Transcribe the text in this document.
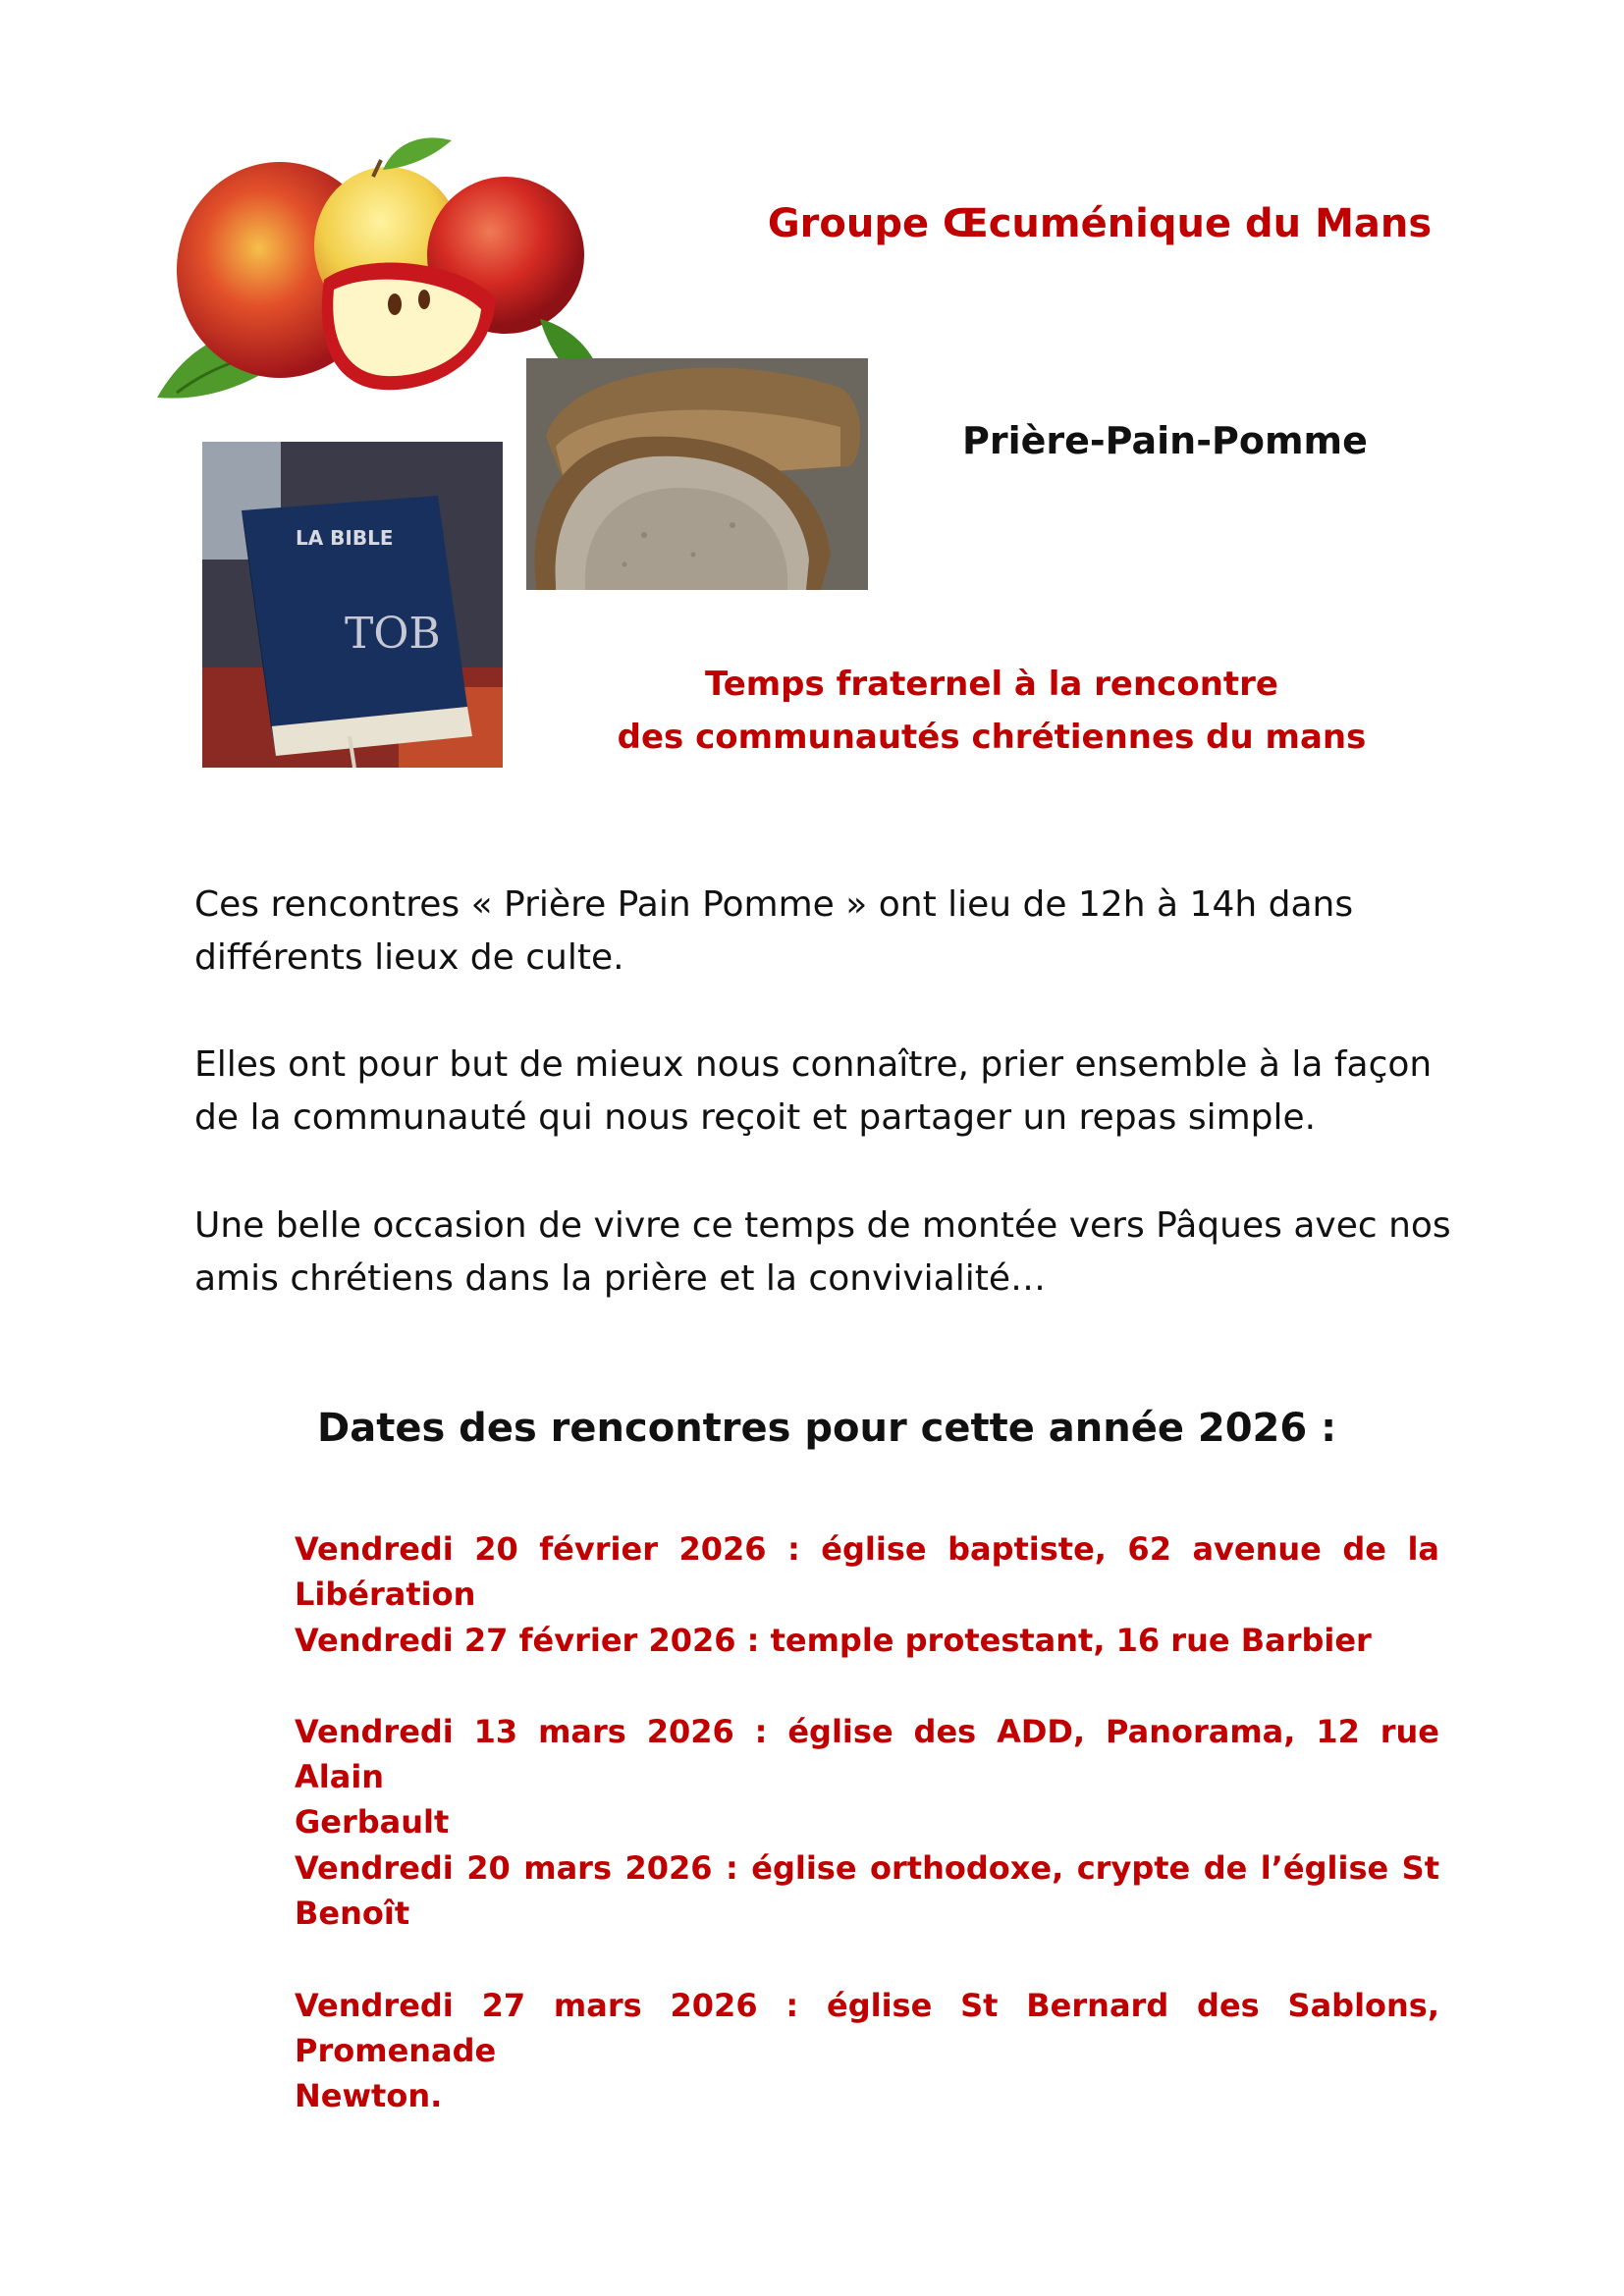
LA BIBLE
TOB
Groupe Œcuménique du Mans
Prière-Pain-Pomme
Temps fraternel à la rencontre
des communautés chrétiennes du mans
Ces rencontres « Prière Pain Pomme » ont lieu de 12h à 14h dans
différents lieux de culte.
Elles ont pour but de mieux nous connaître, prier ensemble à la façon
de la communauté qui nous reçoit et partager un repas simple.
Une belle occasion de vivre ce temps de montée vers Pâques avec nos
amis chrétiens dans la prière et la convivialité…
Dates des rencontres pour cette année 2026 :
Vendredi 20 février 2026 : église baptiste, 62 avenue de la Libération
Vendredi 27 février 2026 : temple protestant, 16 rue Barbier
Vendredi 13 mars 2026 : église des ADD, Panorama, 12 rue Alain
Gerbault
Vendredi 20 mars 2026 : église orthodoxe, crypte de l’église St
Benoît
Vendredi 27 mars 2026 : église St Bernard des Sablons, Promenade
Newton.
